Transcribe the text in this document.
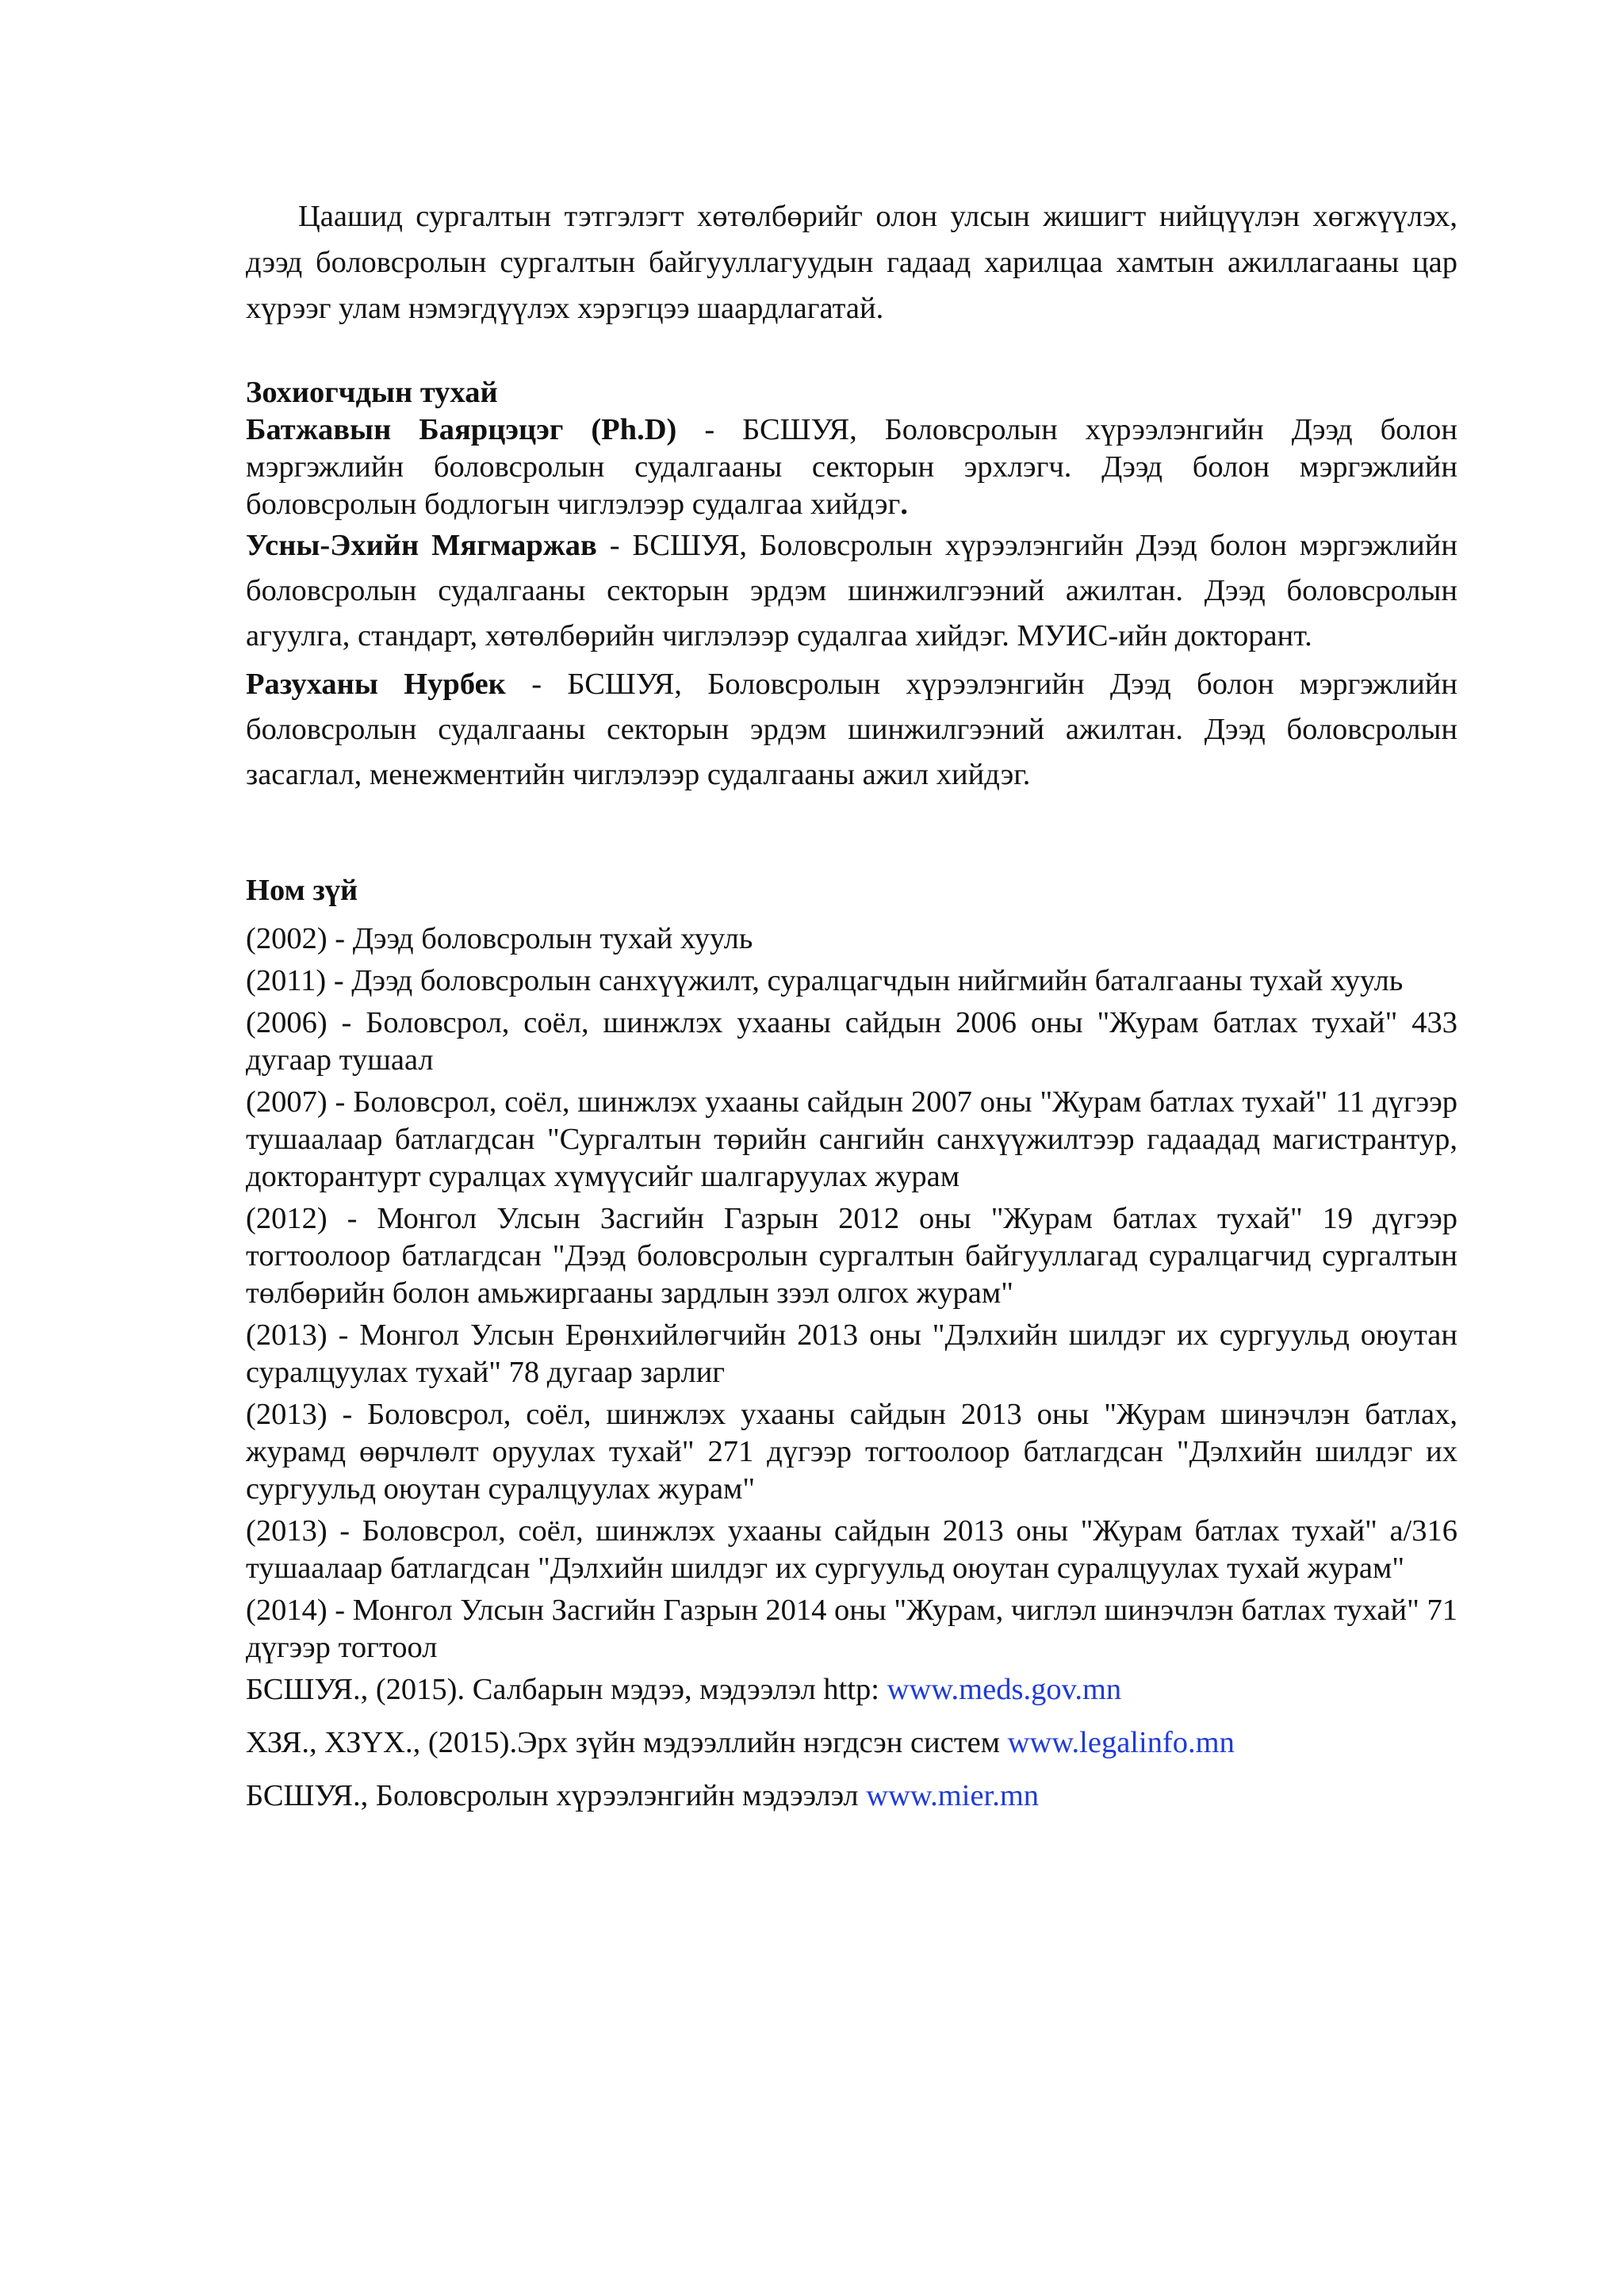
Цаашид сургалтын тэтгэлэгт хөтөлбөрийг олон улсын жишигт нийцүүлэн хөгжүүлэх, дээд боловсролын сургалтын байгууллагуудын гадаад харилцаа хамтын ажиллагааны цар хүрээг улам нэмэгдүүлэх хэрэгцээ шаардлагатай.

Зохиогчдын тухай

Батжавын Баярцэцэг (Ph.D) - БСШУЯ, Боловсролын хүрээлэнгийн Дээд болон мэргэжлийн боловсролын судалгааны секторын эрхлэгч. Дээд болон мэргэжлийн боловсролын бодлогын чиглэлээр судалгаа хийдэг.

Усны-Эхийн Мягмаржав - БСШУЯ, Боловсролын хүрээлэнгийн Дээд болон мэргэжлийн боловсролын судалгааны секторын эрдэм шинжилгээний ажилтан. Дээд боловсролын агуулга, стандарт, хөтөлбөрийн чиглэлээр судалгаа хийдэг. МУИС-ийн докторант.

Разуханы Нурбек - БСШУЯ, Боловсролын хүрээлэнгийн Дээд болон мэргэжлийн боловсролын судалгааны секторын эрдэм шинжилгээний ажилтан. Дээд боловсролын засаглал, менежментийн чиглэлээр судалгааны ажил хийдэг.

Ном зүй

(2002) - Дээд боловсролын тухай хууль

(2011) - Дээд боловсролын санхүүжилт, суралцагчдын нийгмийн баталгааны тухай хууль

(2006) - Боловсрол, соёл, шинжлэх ухааны сайдын 2006 оны "Журам батлах тухай" 433 дугаар тушаал

(2007) - Боловсрол, соёл, шинжлэх ухааны сайдын 2007 оны "Журам батлах тухай" 11 дүгээр тушаалаар батлагдсан "Сургалтын төрийн сангийн санхүүжилтээр гадаадад магистрантур, докторантурт суралцах хүмүүсийг шалгаруулах журам

(2012) - Монгол Улсын Засгийн Газрын 2012 оны "Журам батлах тухай" 19 дүгээр тогтоолоор батлагдсан "Дээд боловсролын сургалтын байгууллагад суралцагчид сургалтын төлбөрийн болон амьжиргааны зардлын зээл олгох журам"

(2013) - Монгол Улсын Ерөнхийлөгчийн 2013 оны "Дэлхийн шилдэг их сургуульд оюутан суралцуулах тухай" 78 дугаар зарлиг

(2013) - Боловсрол, соёл, шинжлэх ухааны сайдын 2013 оны "Журам шинэчлэн батлах, журамд өөрчлөлт оруулах тухай" 271 дүгээр тогтоолоор батлагдсан "Дэлхийн шилдэг их сургуульд оюутан суралцуулах журам"

(2013) - Боловсрол, соёл, шинжлэх ухааны сайдын 2013 оны "Журам батлах тухай" а/316 тушаалаар батлагдсан "Дэлхийн шилдэг их сургуульд оюутан суралцуулах тухай журам"

(2014) - Монгол Улсын Засгийн Газрын 2014 оны "Журам, чиглэл шинэчлэн батлах тухай" 71 дүгээр тогтоол

БСШУЯ., (2015). Салбарын мэдээ, мэдээлэл http: www.meds.gov.mn

ХЗЯ., ХЗҮХ., (2015).Эрх зүйн мэдээллийн нэгдсэн систем www.legalinfo.mn

БСШУЯ., Боловсролын хүрээлэнгийн мэдээлэл www.mier.mn
